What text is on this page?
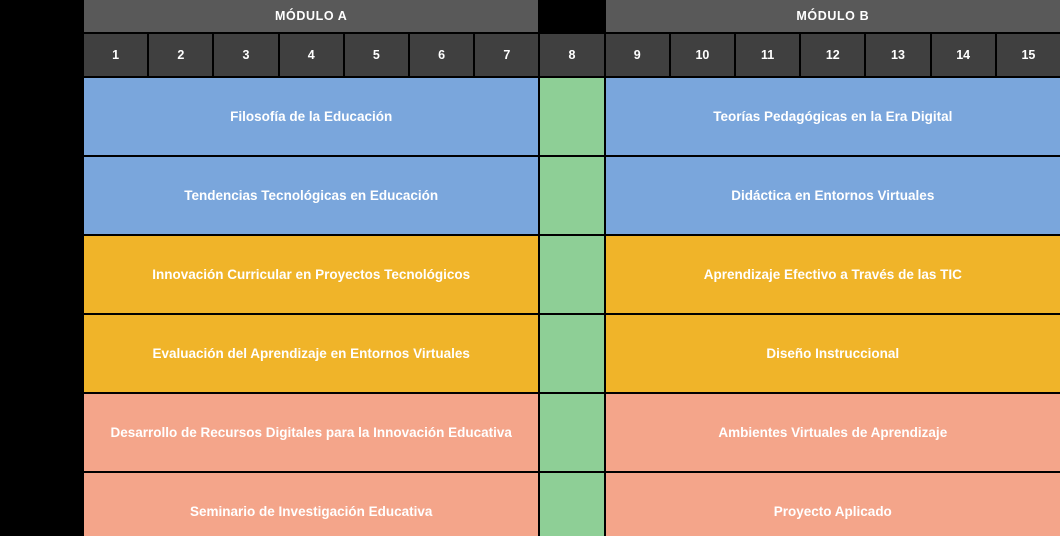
MÓDULO A	MÓDULO B
1	2	3	4	5	6	7	8	9	10	11	12	13	14	15
Filosofía de la Educación	Teorías Pedagógicas en la Era Digital
Tendencias Tecnológicas en Educación	Didáctica en Entornos Virtuales
Innovación Curricular en Proyectos Tecnológicos	Aprendizaje Efectivo a Través de las TIC
Evaluación del Aprendizaje en Entornos Virtuales	Diseño Instruccional
Desarrollo de Recursos Digitales para la Innovación Educativa	Ambientes Virtuales de Aprendizaje
Seminario de Investigación Educativa	Proyecto Aplicado
